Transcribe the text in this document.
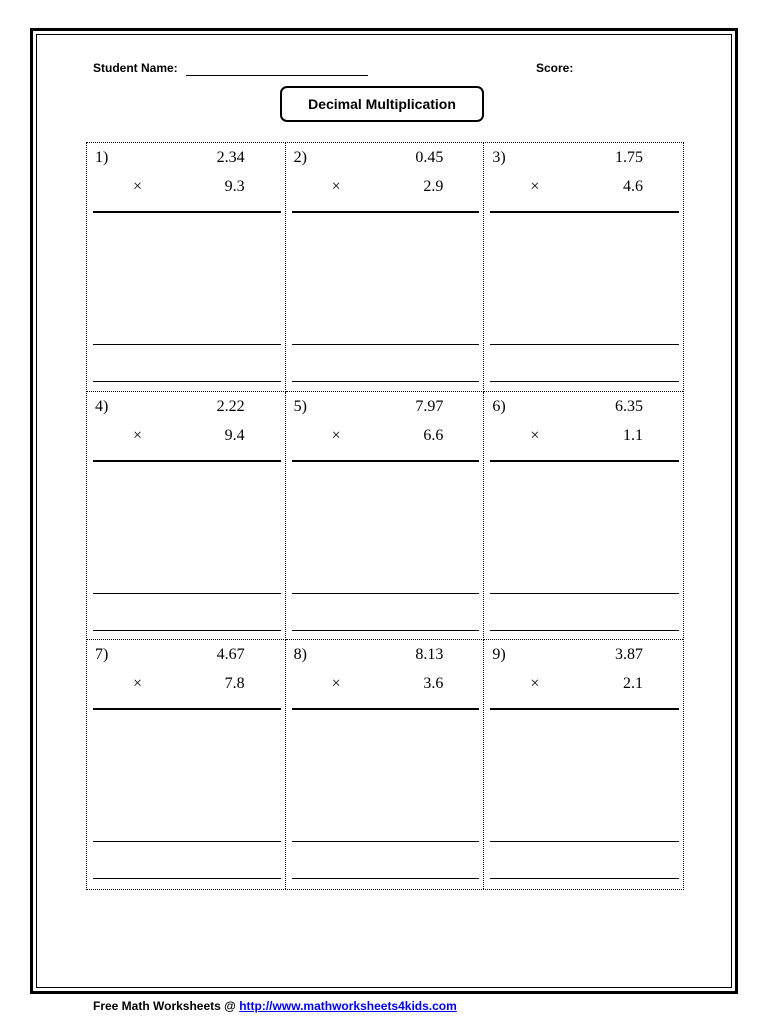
Student Name:	Score:
Decimal Multiplication
1)	2.34
×	9.3
2)	0.45
×	2.9
3)	1.75
×	4.6
4)	2.22
×	9.4
5)	7.97
×	6.6
6)	6.35
×	1.1
7)	4.67
×	7.8
8)	8.13
×	3.6
9)	3.87
×	2.1
Free Math Worksheets @ http://www.mathworksheets4kids.com
